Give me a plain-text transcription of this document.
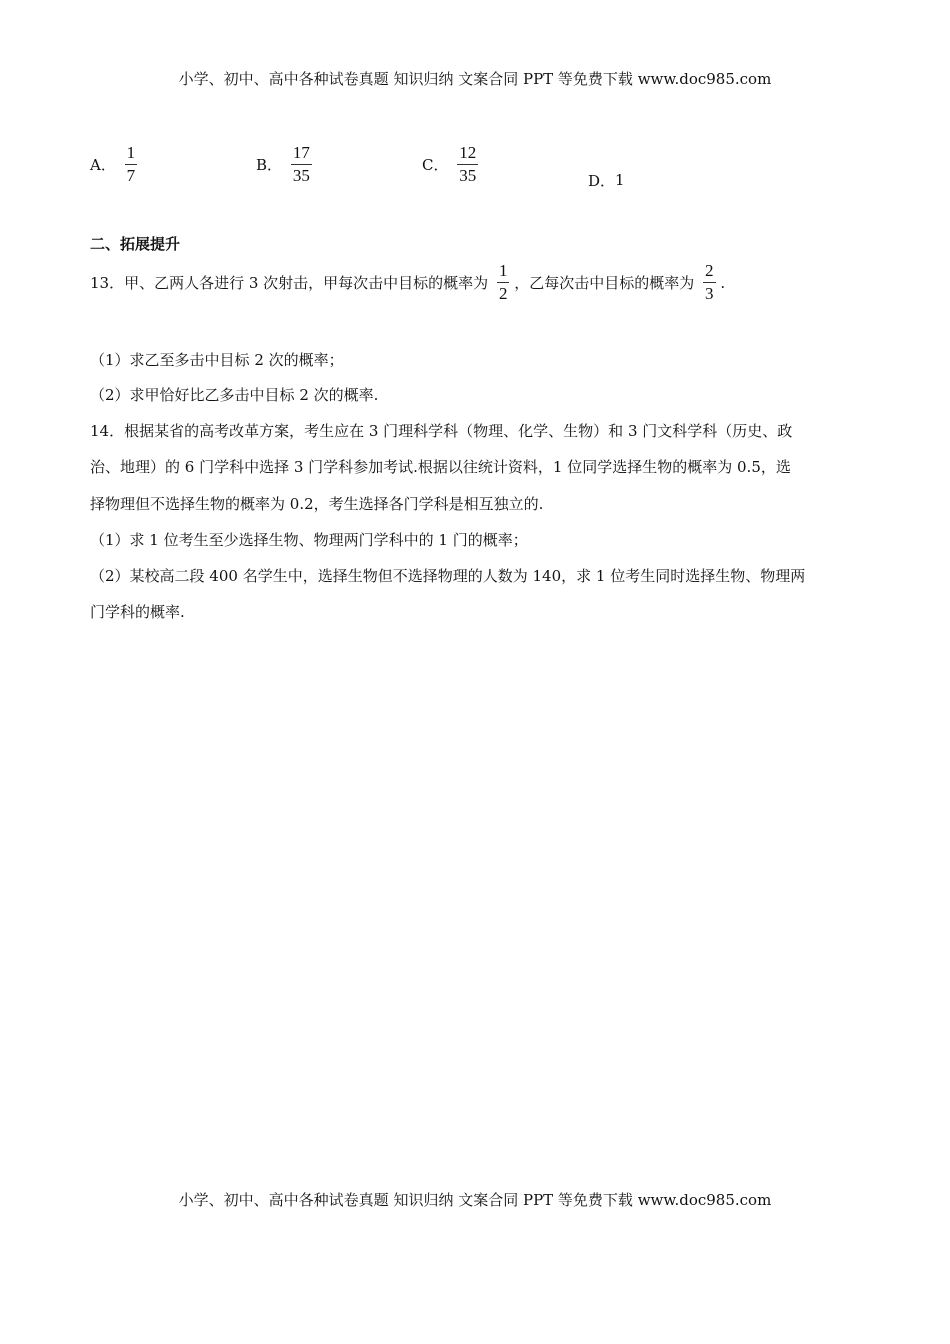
小学、初中、高中各种试卷真题 知识归纳 文案合同 PPT 等免费下载 www.doc985.com
A． $\frac{1}{7}$	B． $\frac{17}{35}$	C． $\frac{12}{35}$	D．1
二、拓展提升
13．甲、乙两人各进行 3 次射击，甲每次击中目标的概率为 $\frac{1}{2}$ ，乙每次击中目标的概率为 $\frac{2}{3}$ .
（1）求乙至多击中目标 2 次的概率；
（2）求甲恰好比乙多击中目标 2 次的概率.
14．根据某省的高考改革方案，考生应在 3 门理科学科（物理、化学、生物）和 3 门文科学科（历史、政
治、地理）的 6 门学科中选择 3 门学科参加考试.根据以往统计资料，1 位同学选择生物的概率为 0.5，选
择物理但不选择生物的概率为 0.2，考生选择各门学科是相互独立的.
（1）求 1 位考生至少选择生物、物理两门学科中的 1 门的概率；
（2）某校高二段 400 名学生中，选择生物但不选择物理的人数为 140，求 1 位考生同时选择生物、物理两
门学科的概率.
小学、初中、高中各种试卷真题 知识归纳 文案合同 PPT 等免费下载 www.doc985.com
